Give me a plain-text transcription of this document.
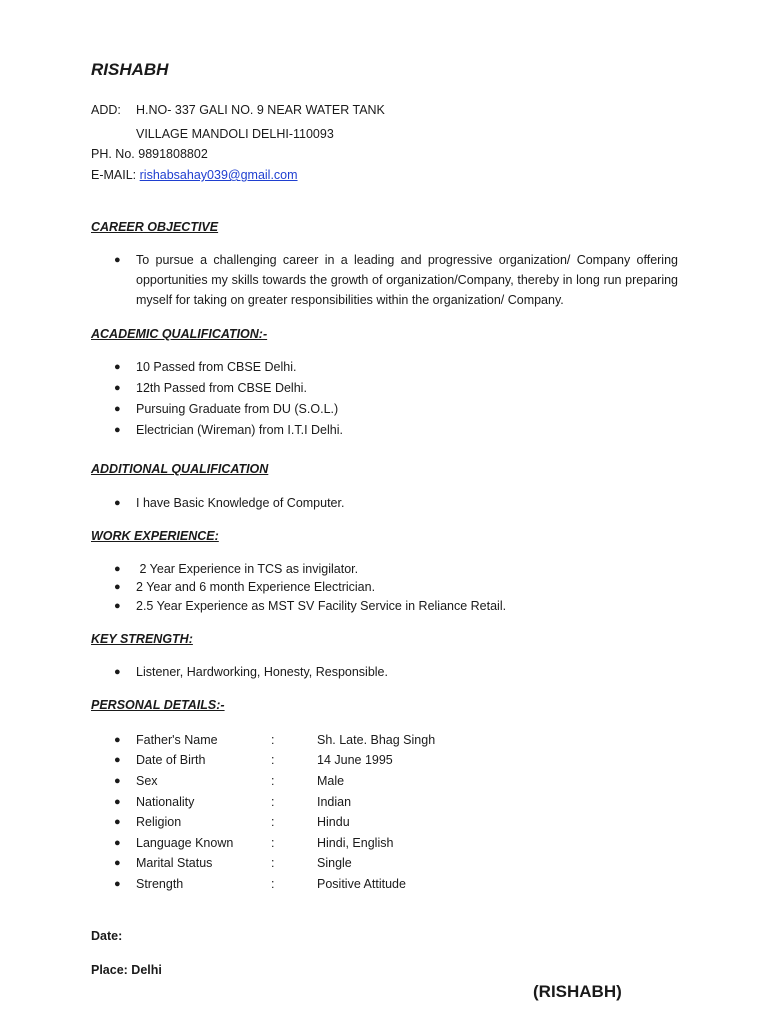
RISHABH
ADD: H.NO- 337 GALI NO. 9 NEAR WATER TANK
VILLAGE MANDOLI DELHI-110093
PH. No. 9891808802
E-MAIL: rishabsahay039@gmail.com
CAREER OBJECTIVE
● To pursue a challenging career in a leading and progressive organization/ Company offering opportunities my skills towards the growth of organization/Company, thereby in long run preparing myself for taking on greater responsibilities within the organization/ Company.
ACADEMIC QUALIFICATION:-
● 10 Passed from CBSE Delhi.
● 12th Passed from CBSE Delhi.
● Pursuing Graduate from DU (S.O.L.)
● Electrician (Wireman) from I.T.I Delhi.
ADDITIONAL QUALIFICATION
● I have Basic Knowledge of Computer.
WORK EXPERIENCE:
● 2 Year Experience in TCS as invigilator.
● 2 Year and 6 month Experience Electrician.
● 2.5 Year Experience as MST SV Facility Service in Reliance Retail.
KEY STRENGTH:
● Listener, Hardworking, Honesty, Responsible.
PERSONAL DETAILS:-
● Father's Name	:	Sh. Late. Bhag Singh
● Date of Birth	:	14 June 1995
● Sex	:	Male
● Nationality	:	Indian
● Religion	:	Hindu
● Language Known	:	Hindi, English
● Marital Status	:	Single
● Strength	:	Positive Attitude
Date:
Place: Delhi
(RISHABH)
